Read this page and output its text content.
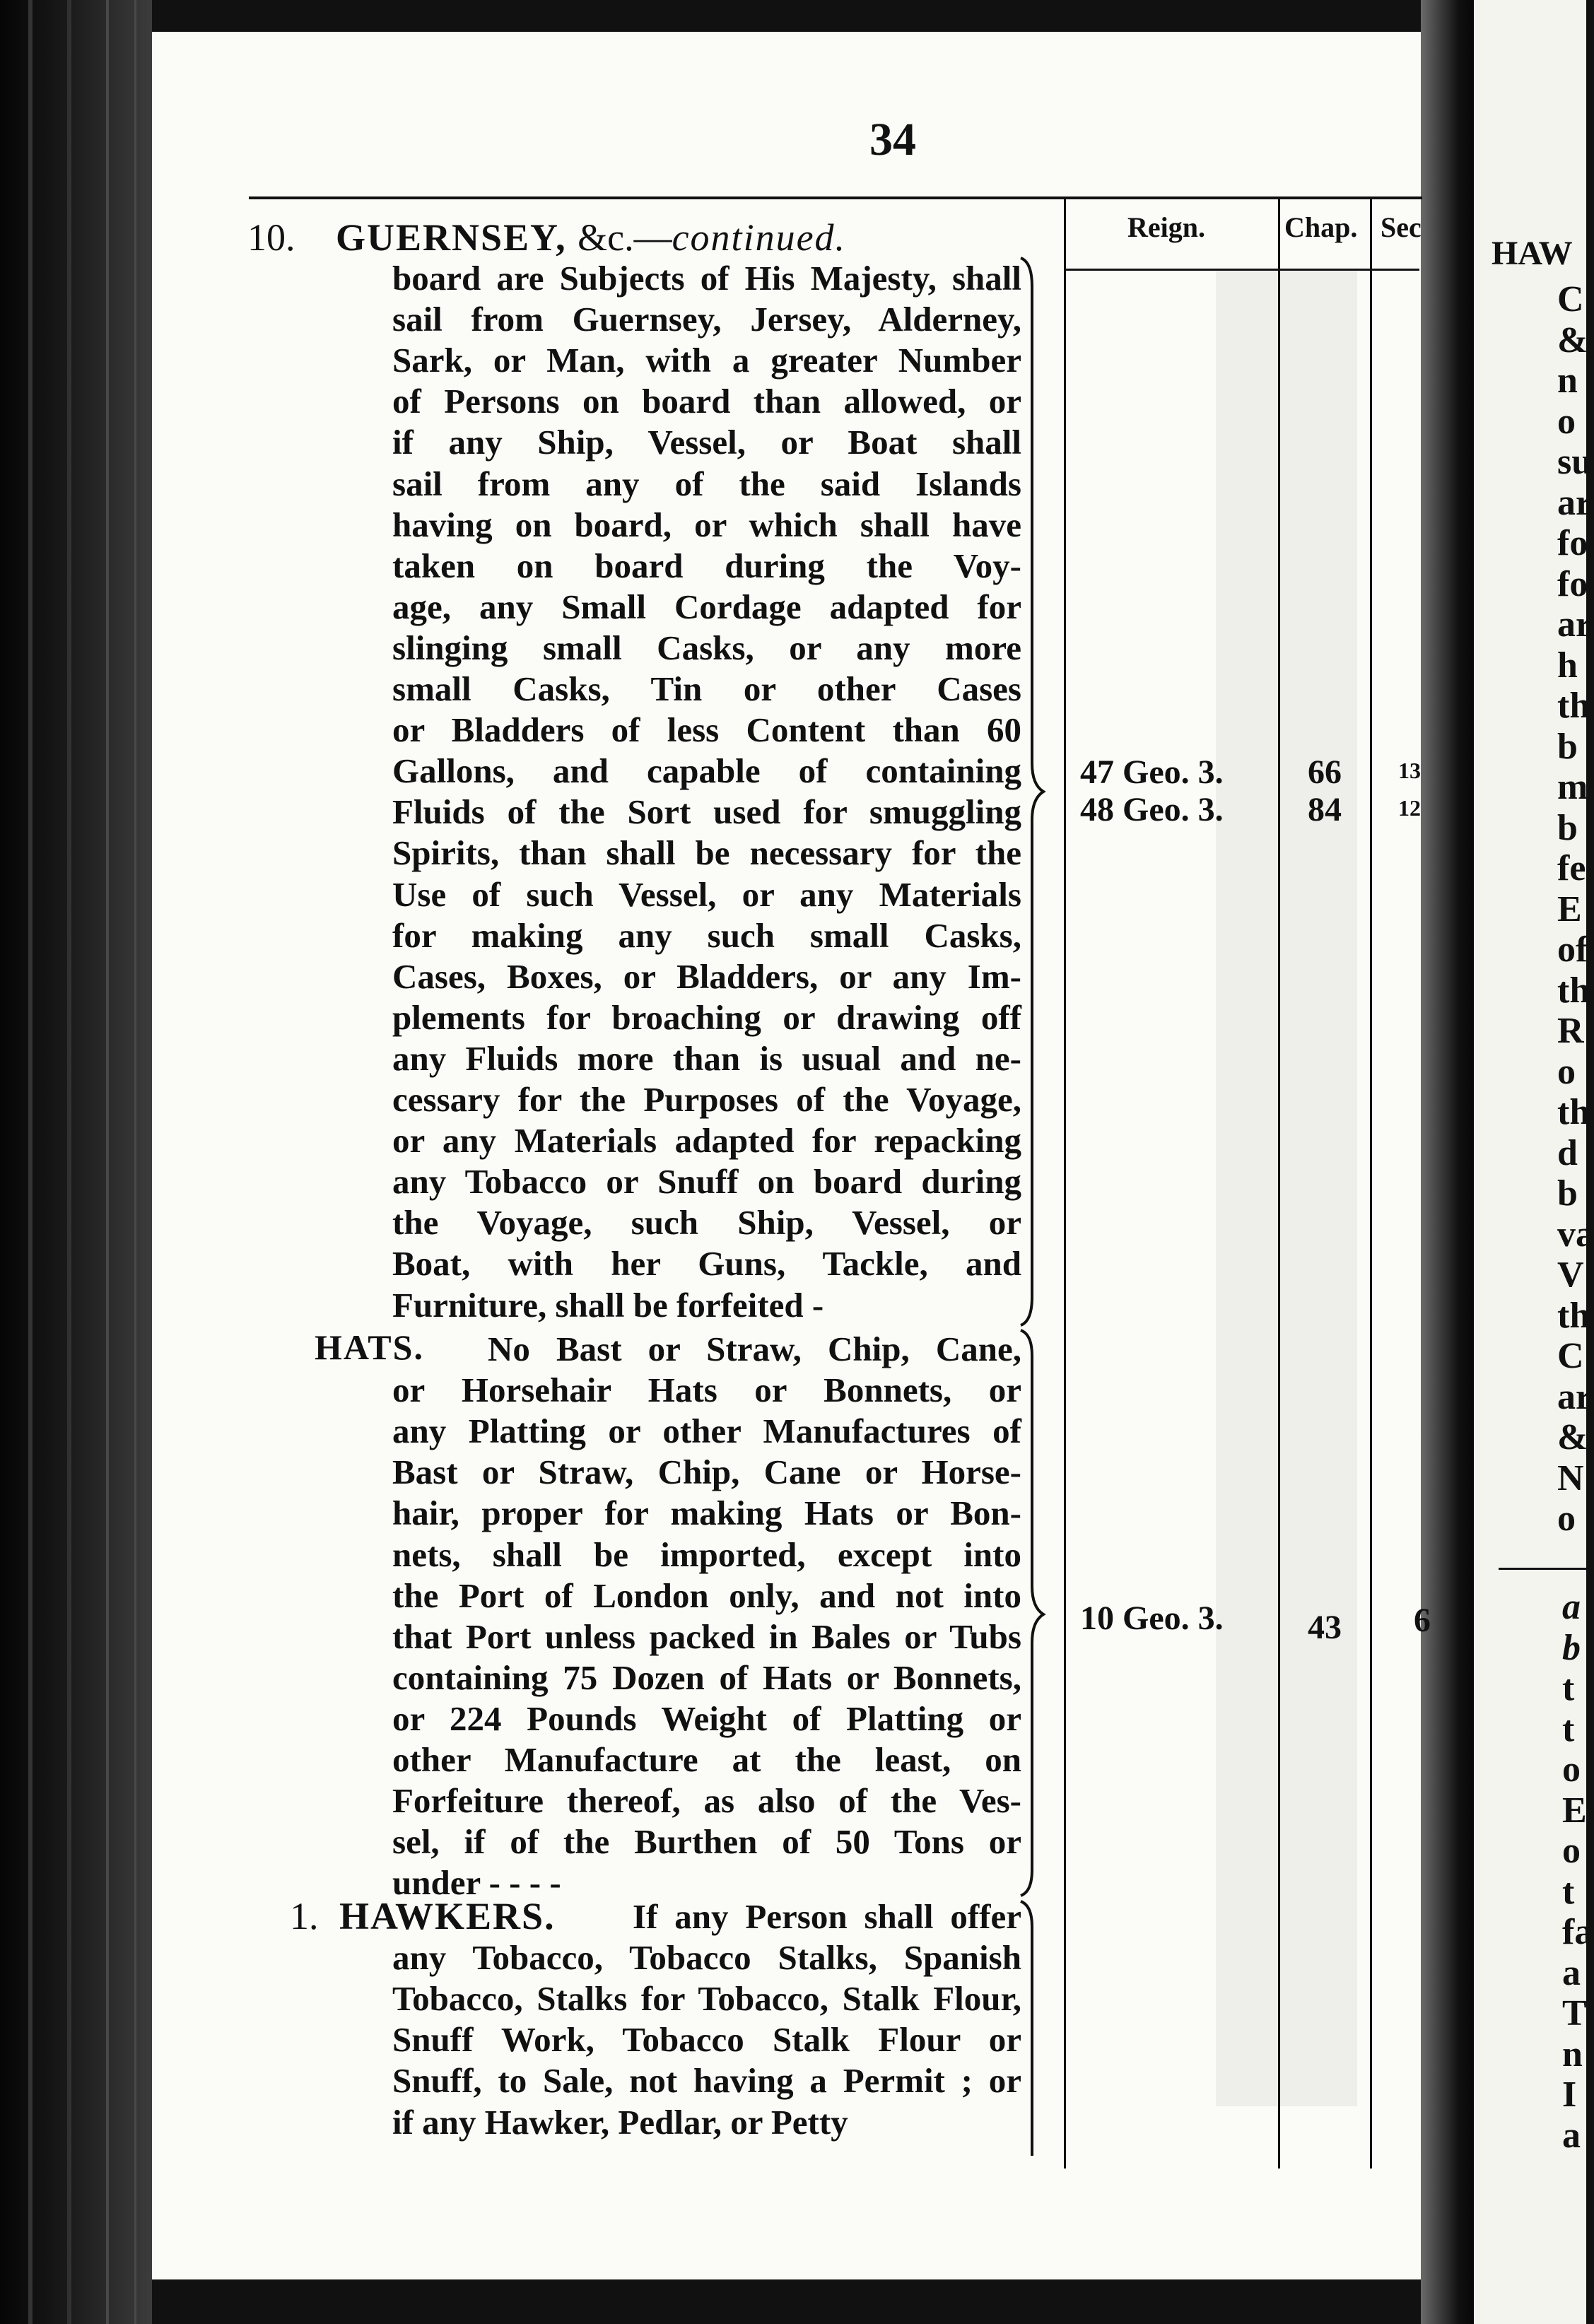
HAW
C
&
n
o
su
ar
fo
fo
ar
h
th
b
m
b
fe
E
of
th
R
o
th
d
b
va
V
th
C
ar
&
N
o
a
b
t
t
o
E
o
t
fa
a
T
n
I
a
34
Reign.	Chap. Sec
10. GUERNSEY, &c.—continued.
board are Subjects of His Majesty, shall
sail from Guernsey, Jersey, Alderney,
Sark, or Man, with a greater Number
of Persons on board than allowed, or
if any Ship, Vessel, or Boat shall
sail from any of the said Islands
having on board, or which shall have
taken on board during the Voy-
age, any Small Cordage adapted for
slinging small Casks, or any more
small Casks, Tin or other Cases
or Bladders of less Content than 60
Gallons, and capable of containing
Fluids of the Sort used for smuggling
Spirits, than shall be necessary for the
Use of such Vessel, or any Materials
for making any such small Casks,
Cases, Boxes, or Bladders, or any Im-
plements for broaching or drawing off
any Fluids more than is usual and ne-
cessary for the Purposes of the Voyage,
or any Materials adapted for repacking
any Tobacco or Snuff on board during
the Voyage, such Ship, Vessel, or
Boat, with her Guns, Tackle, and
Furniture, shall be forfeited -
47 Geo. 3. 66	13
48 Geo. 3. 84	12
HATS. No Bast or Straw, Chip, Cane,
or Horsehair Hats or Bonnets, or
any Platting or other Manufactures of
Bast or Straw, Chip, Cane or Horse-
hair, proper for making Hats or Bon-
nets, shall be imported, except into
the Port of London only, and not into
that Port unless packed in Bales or Tubs
containing 75 Dozen of Hats or Bonnets,
or 224 Pounds Weight of Platting or
other Manufacture at the least, on
Forfeiture thereof, as also of the Ves-
sel, if of the Burthen of 50 Tons or
under - - - -
10 Geo. 3. 43 6
1. HAWKERS. If any Person shall offer
any Tobacco, Tobacco Stalks, Spanish
Tobacco, Stalks for Tobacco, Stalk Flour,
Snuff Work, Tobacco Stalk Flour or
Snuff, to Sale, not having a Permit ; or
if any Hawker, Pedlar, or Petty
